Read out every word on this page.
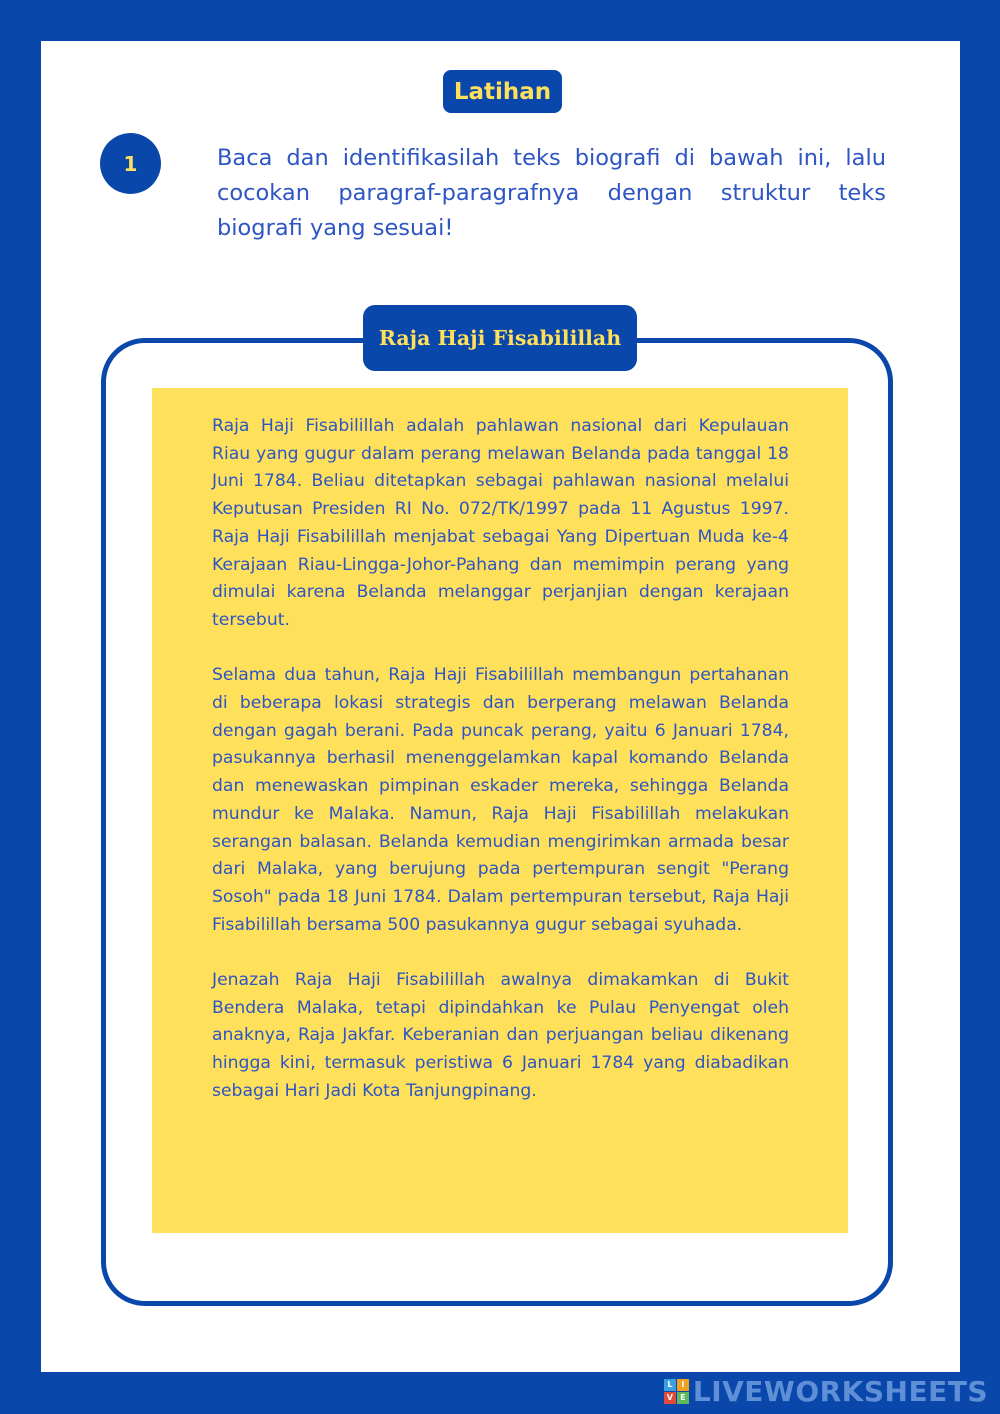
Latihan
1	Baca dan identifikasilah teks biografi di bawah ini, lalu cocokan paragraf-paragrafnya dengan struktur teks biografi yang sesuai!

Raja Haji Fisabilillah

Raja Haji Fisabilillah adalah pahlawan nasional dari Kepulauan Riau yang gugur dalam perang melawan Belanda pada tanggal 18 Juni 1784. Beliau ditetapkan sebagai pahlawan nasional melalui Keputusan Presiden RI No. 072/TK/1997 pada 11 Agustus 1997. Raja Haji Fisabilillah menjabat sebagai Yang Dipertuan Muda ke-4 Kerajaan Riau-Lingga-Johor-Pahang dan memimpin perang yang dimulai karena Belanda melanggar perjanjian dengan kerajaan tersebut.

Selama dua tahun, Raja Haji Fisabilillah membangun pertahanan di beberapa lokasi strategis dan berperang melawan Belanda dengan gagah berani. Pada puncak perang, yaitu 6 Januari 1784, pasukannya berhasil menenggelamkan kapal komando Belanda dan menewaskan pimpinan eskader mereka, sehingga Belanda mundur ke Malaka. Namun, Raja Haji Fisabilillah melakukan serangan balasan. Belanda kemudian mengirimkan armada besar dari Malaka, yang berujung pada pertempuran sengit "Perang Sosoh" pada 18 Juni 1784. Dalam pertempuran tersebut, Raja Haji Fisabilillah bersama 500 pasukannya gugur sebagai syuhada.

Jenazah Raja Haji Fisabilillah awalnya dimakamkan di Bukit Bendera Malaka, tetapi dipindahkan ke Pulau Penyengat oleh anaknya, Raja Jakfar. Keberanian dan perjuangan beliau dikenang hingga kini, termasuk peristiwa 6 Januari 1784 yang diabadikan sebagai Hari Jadi Kota Tanjungpinang.

L	I
V E LIVEWORKSHEETS
